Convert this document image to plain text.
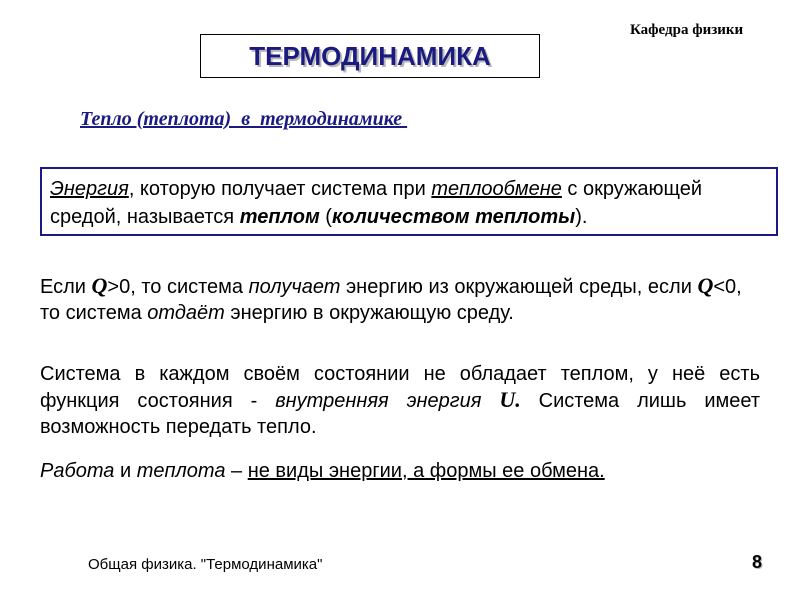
Кафедра физики
ТЕРМОДИНАМИКА
Тепло (теплота)  в  термодинамике
Энергия, которую получает система при теплообмене с окружающей средой, называется теплом (количеством теплоты).
Если Q>0, то система получает энергию из окружающей среды, если Q<0, то система отдаёт энергию в окружающую среду.
Система в каждом своём состоянии не обладает теплом, у неё есть функция состояния - внутренняя энергия U. Система лишь имеет возможность передать тепло.
Работа и теплота – не виды энергии, а формы ее обмена.
Общая физика. "Термодинамика"	8
